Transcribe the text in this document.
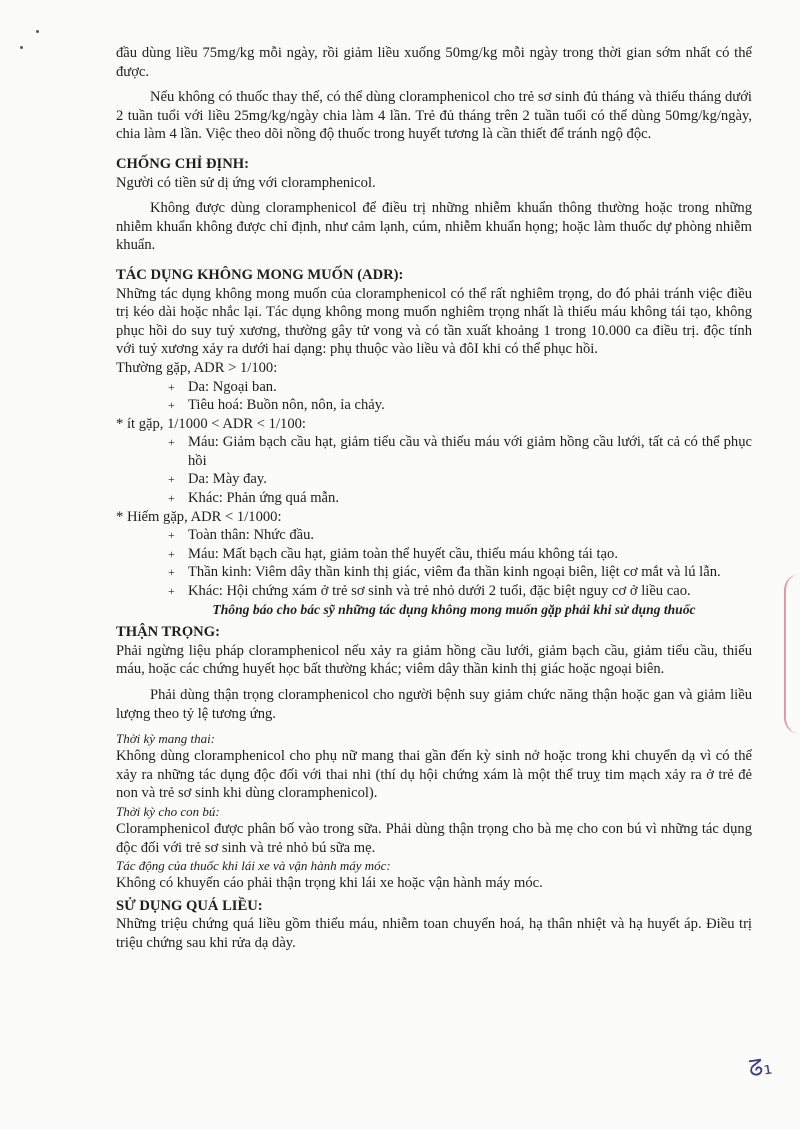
đầu dùng liều 75mg/kg mỗi ngày, rồi giảm liều xuống 50mg/kg mỗi ngày trong thời gian sớm nhất có thể được.

Nếu không có thuốc thay thế, có thể dùng cloramphenicol cho trẻ sơ sinh đủ tháng và thiếu tháng dưới 2 tuần tuổi với liều 25mg/kg/ngày chia làm 4 lần. Trẻ đủ tháng trên 2 tuần tuổi có thể dùng 50mg/kg/ngày, chia làm 4 lần. Việc theo dõi nồng độ thuốc trong huyết tương là cần thiết để tránh ngộ độc.

CHỐNG CHỈ ĐỊNH:

Người có tiền sử dị ứng với cloramphenicol.

Không được dùng cloramphenicol để điều trị những nhiễm khuẩn thông thường hoặc trong những nhiễm khuẩn không được chỉ định, như cảm lạnh, cúm, nhiễm khuẩn họng; hoặc làm thuốc dự phòng nhiễm khuẩn.

TÁC DỤNG KHÔNG MONG MUỐN (ADR):

Những tác dụng không mong muốn của cloramphenicol có thể rất nghiêm trọng, do đó phải tránh việc điều trị kéo dài hoặc nhắc lại. Tác dụng không mong muốn nghiêm trọng nhất là thiếu máu không tái tạo, không phục hồi do suy tuỷ xương, thường gây tử vong và có tần xuất khoảng 1 trong 10.000 ca điều trị. độc tính với tuỷ xương xảy ra dưới hai dạng: phụ thuộc vào liều và đôI khi có thể phục hồi.

Thường gặp, ADR > 1/100:

+ Da: Ngoại ban.

+ Tiêu hoá: Buồn nôn, nôn, ỉa chảy.

* ít gặp, 1/1000 < ADR < 1/100:

+ Máu: Giảm bạch cầu hạt, giảm tiểu cầu và thiếu máu với giảm hồng cầu lưới, tất cả có thể phục hồi

+ Da: Mày đay.

+ Khác: Phản ứng quá mẫn.

* Hiếm gặp, ADR < 1/1000:

+ Toàn thân: Nhức đầu.

+ Máu: Mất bạch cầu hạt, giảm toàn thể huyết cầu, thiếu máu không tái tạo.

+ Thần kinh: Viêm dây thần kinh thị giác, viêm đa thần kinh ngoại biên, liệt cơ mắt và lú lẫn.

+ Khác: Hội chứng xám ở trẻ sơ sinh và trẻ nhỏ dưới 2 tuổi, đặc biệt nguy cơ ở liều cao.

Thông báo cho bác sỹ những tác dụng không mong muốn gặp phải khi sử dụng thuốc

THẬN TRỌNG:

Phải ngừng liệu pháp cloramphenicol nếu xảy ra giảm hồng cầu lưới, giảm bạch cầu, giảm tiểu cầu, thiếu máu, hoặc các chứng huyết học bất thường khác; viêm dây thần kinh thị giác hoặc ngoại biên.

Phải dùng thận trọng cloramphenicol cho người bệnh suy giảm chức năng thận hoặc gan và giảm liều lượng theo tỷ lệ tương ứng.

Thời kỳ mang thai:

Không dùng cloramphenicol cho phụ nữ mang thai gần đến kỳ sinh nở hoặc trong khi chuyển dạ vì có thể xảy ra những tác dụng độc đối với thai nhi (thí dụ hội chứng xám là một thể truỵ tim mạch xảy ra ở trẻ đẻ non và trẻ sơ sinh khi dùng cloramphenicol).

Thời kỳ cho con bú:

Cloramphenicol được phân bố vào trong sữa. Phải dùng thận trọng cho bà mẹ cho con bú vì những tác dụng độc đối với trẻ sơ sinh và trẻ nhỏ bú sữa mẹ.

Tác động của thuốc khi lái xe và vận hành máy móc:

Không có khuyến cáo phải thận trọng khi lái xe hoặc vận hành máy móc.

SỬ DỤNG QUÁ LIỀU:

Những triệu chứng quá liều gồm thiếu máu, nhiễm toan chuyển hoá, hạ thân nhiệt và hạ huyết áp. Điều trị triệu chứng sau khi rửa dạ dày.

ᘔ₁
